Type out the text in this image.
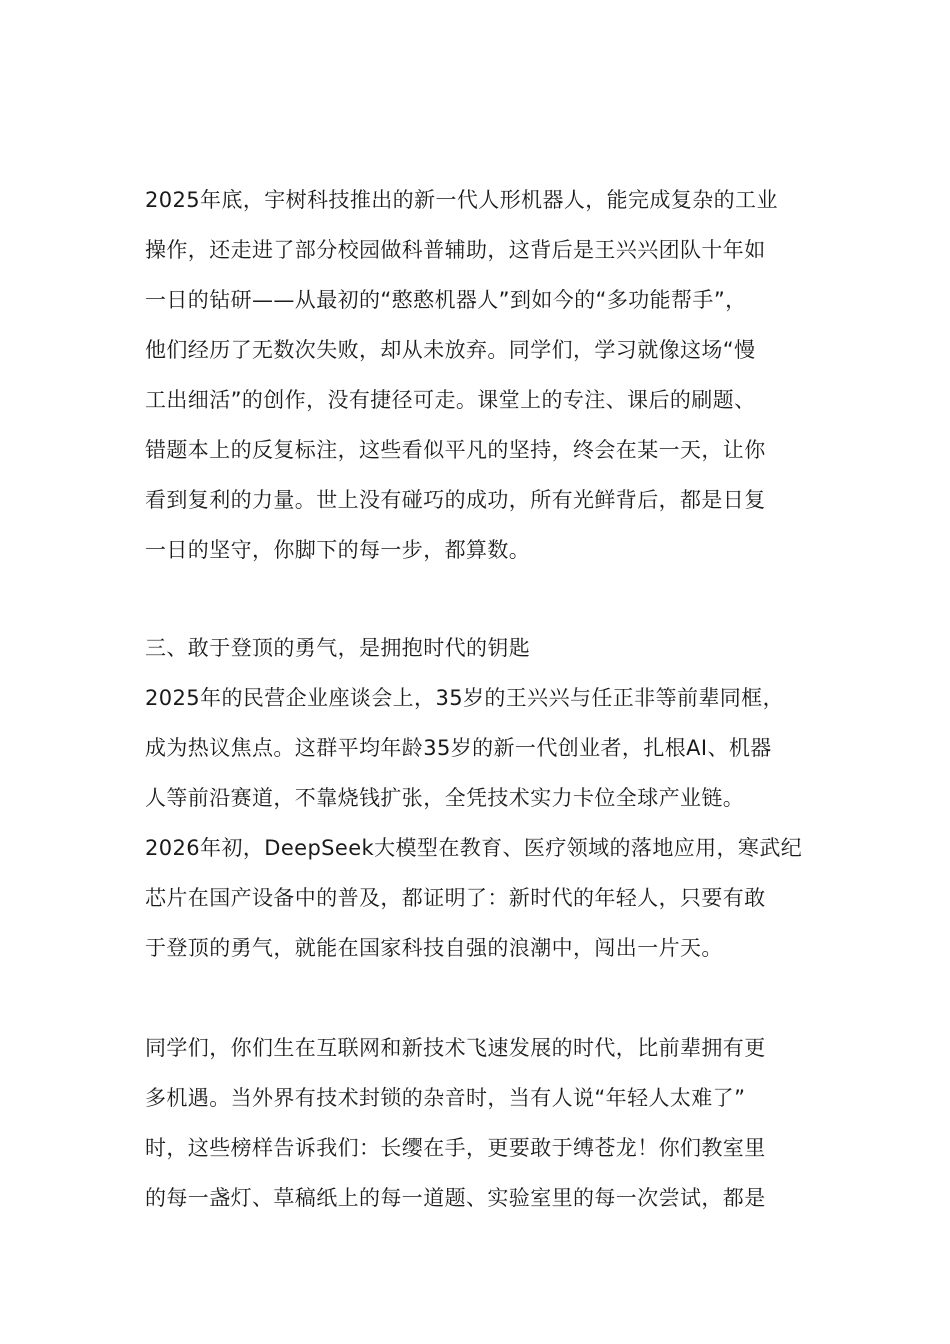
2025年底，宇树科技推出的新一代人形机器人，能完成复杂的工业
操作，还走进了部分校园做科普辅助，这背后是王兴兴团队十年如
一日的钻研——从最初的“憨憨机器人”到如今的“多功能帮手”，
他们经历了无数次失败，却从未放弃。同学们，学习就像这场“慢
工出细活”的创作，没有捷径可走。课堂上的专注、课后的刷题、
错题本上的反复标注，这些看似平凡的坚持，终会在某一天，让你
看到复利的力量。世上没有碰巧的成功，所有光鲜背后，都是日复
一日的坚守，你脚下的每一步，都算数。
三、敢于登顶的勇气，是拥抱时代的钥匙
2025年的民营企业座谈会上，35岁的王兴兴与任正非等前辈同框，
成为热议焦点。这群平均年龄35岁的新一代创业者，扎根AI、机器
人等前沿赛道，不靠烧钱扩张，全凭技术实力卡位全球产业链。
2026年初，DeepSeek大模型在教育、医疗领域的落地应用，寒武纪
芯片在国产设备中的普及，都证明了：新时代的年轻人，只要有敢
于登顶的勇气，就能在国家科技自强的浪潮中，闯出一片天。
同学们，你们生在互联网和新技术飞速发展的时代，比前辈拥有更
多机遇。当外界有技术封锁的杂音时，当有人说“年轻人太难了”
时，这些榜样告诉我们：长缨在手，更要敢于缚苍龙！你们教室里
的每一盏灯、草稿纸上的每一道题、实验室里的每一次尝试，都是
